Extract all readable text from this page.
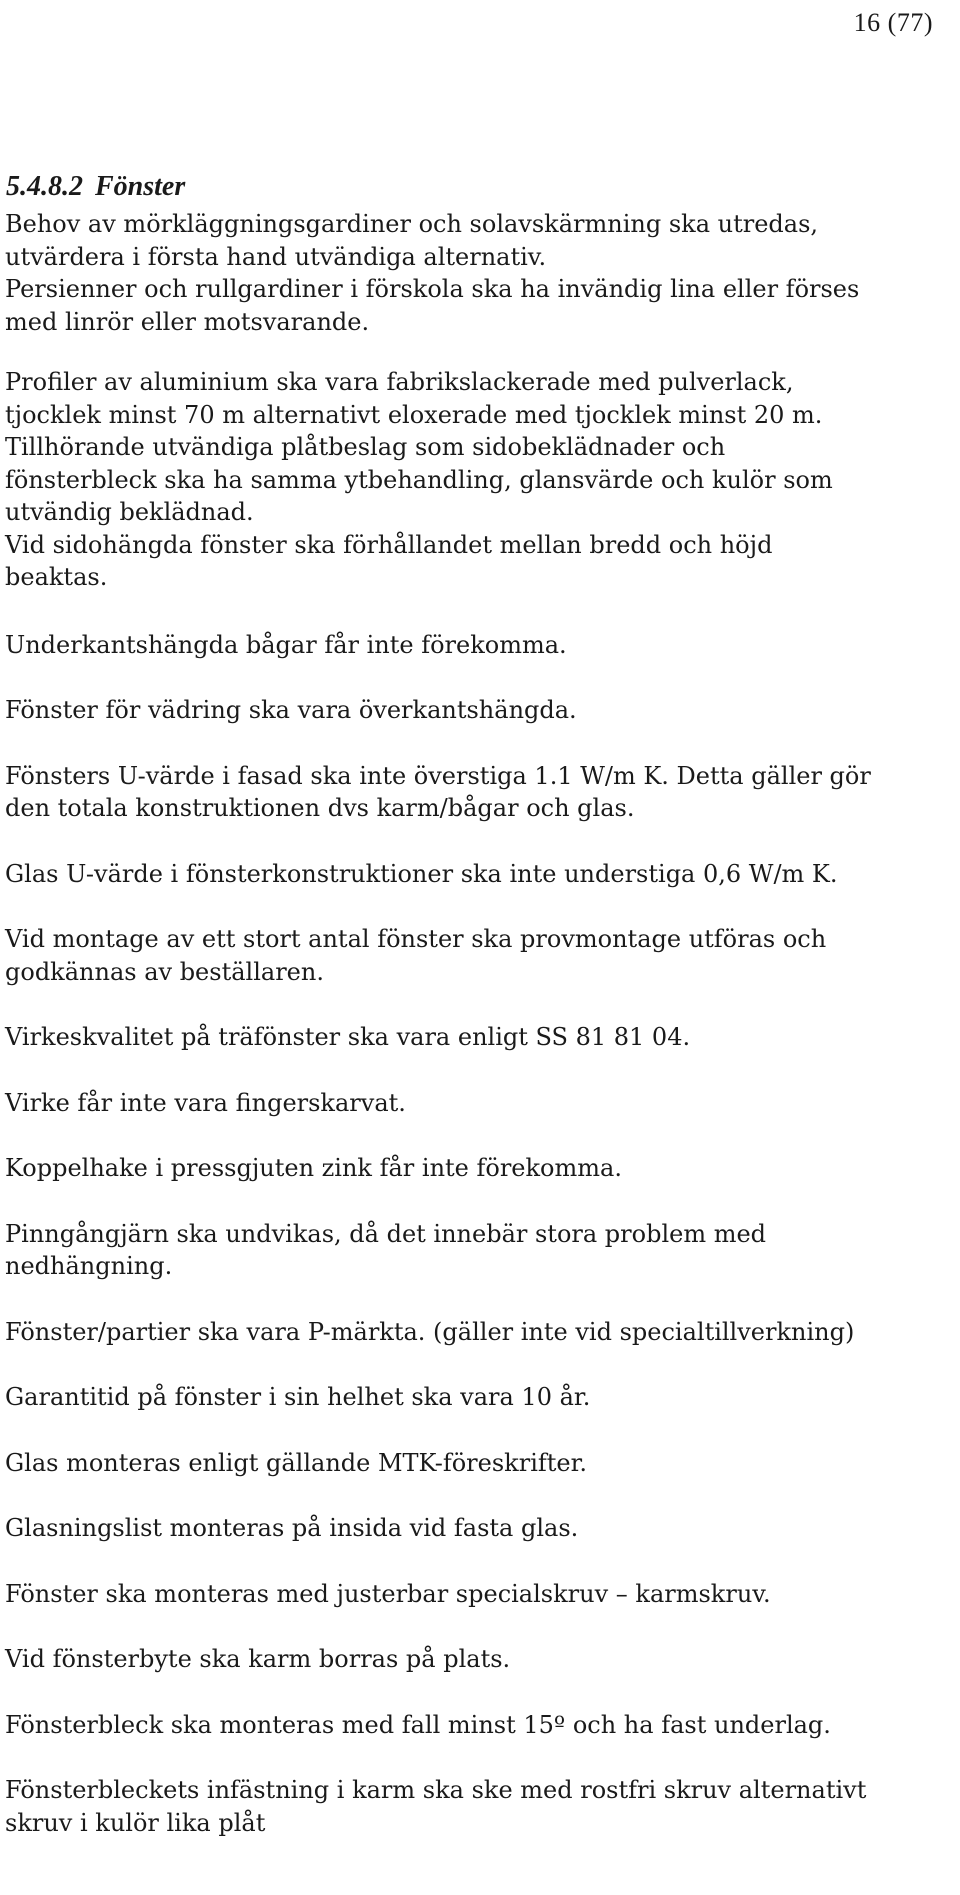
16 (77)
5.4.8.2 Fönster

Behov av mörkläggningsgardiner och solavskärmning ska utredas,
utvärdera i första hand utvändiga alternativ.

Persienner och rullgardiner i förskola ska ha invändig lina eller förses
med linrör eller motsvarande.

Profiler av aluminium ska vara fabrikslackerade med pulverlack,
tjocklek minst 70 m alternativt eloxerade med tjocklek minst 20 m.

Tillhörande utvändiga plåtbeslag som sidobeklädnader och
fönsterbleck ska ha samma ytbehandling, glansvärde och kulör som
utvändig beklädnad.

Vid sidohängda fönster ska förhållandet mellan bredd och höjd
beaktas.

Underkantshängda bågar får inte förekomma.

Fönster för vädring ska vara överkantshängda.

Fönsters U-värde i fasad ska inte överstiga 1.1 W/m K. Detta gäller gör
den totala konstruktionen dvs karm/bågar och glas.

Glas U-värde i fönsterkonstruktioner ska inte understiga 0,6 W/m K.

Vid montage av ett stort antal fönster ska provmontage utföras och
godkännas av beställaren.

Virkeskvalitet på träfönster ska vara enligt SS 81 81 04.

Virke får inte vara fingerskarvat.

Koppelhake i pressgjuten zink får inte förekomma.

Pinngångjärn ska undvikas, då det innebär stora problem med
nedhängning.

Fönster/partier ska vara P-märkta. (gäller inte vid specialtillverkning)

Garantitid på fönster i sin helhet ska vara 10 år.

Glas monteras enligt gällande MTK-föreskrifter.

Glasningslist monteras på insida vid fasta glas.

Fönster ska monteras med justerbar specialskruv – karmskruv.

Vid fönsterbyte ska karm borras på plats.

Fönsterbleck ska monteras med fall minst 15º och ha fast underlag.

Fönsterbleckets infästning i karm ska ske med rostfri skruv alternativt
skruv i kulör lika plåt
